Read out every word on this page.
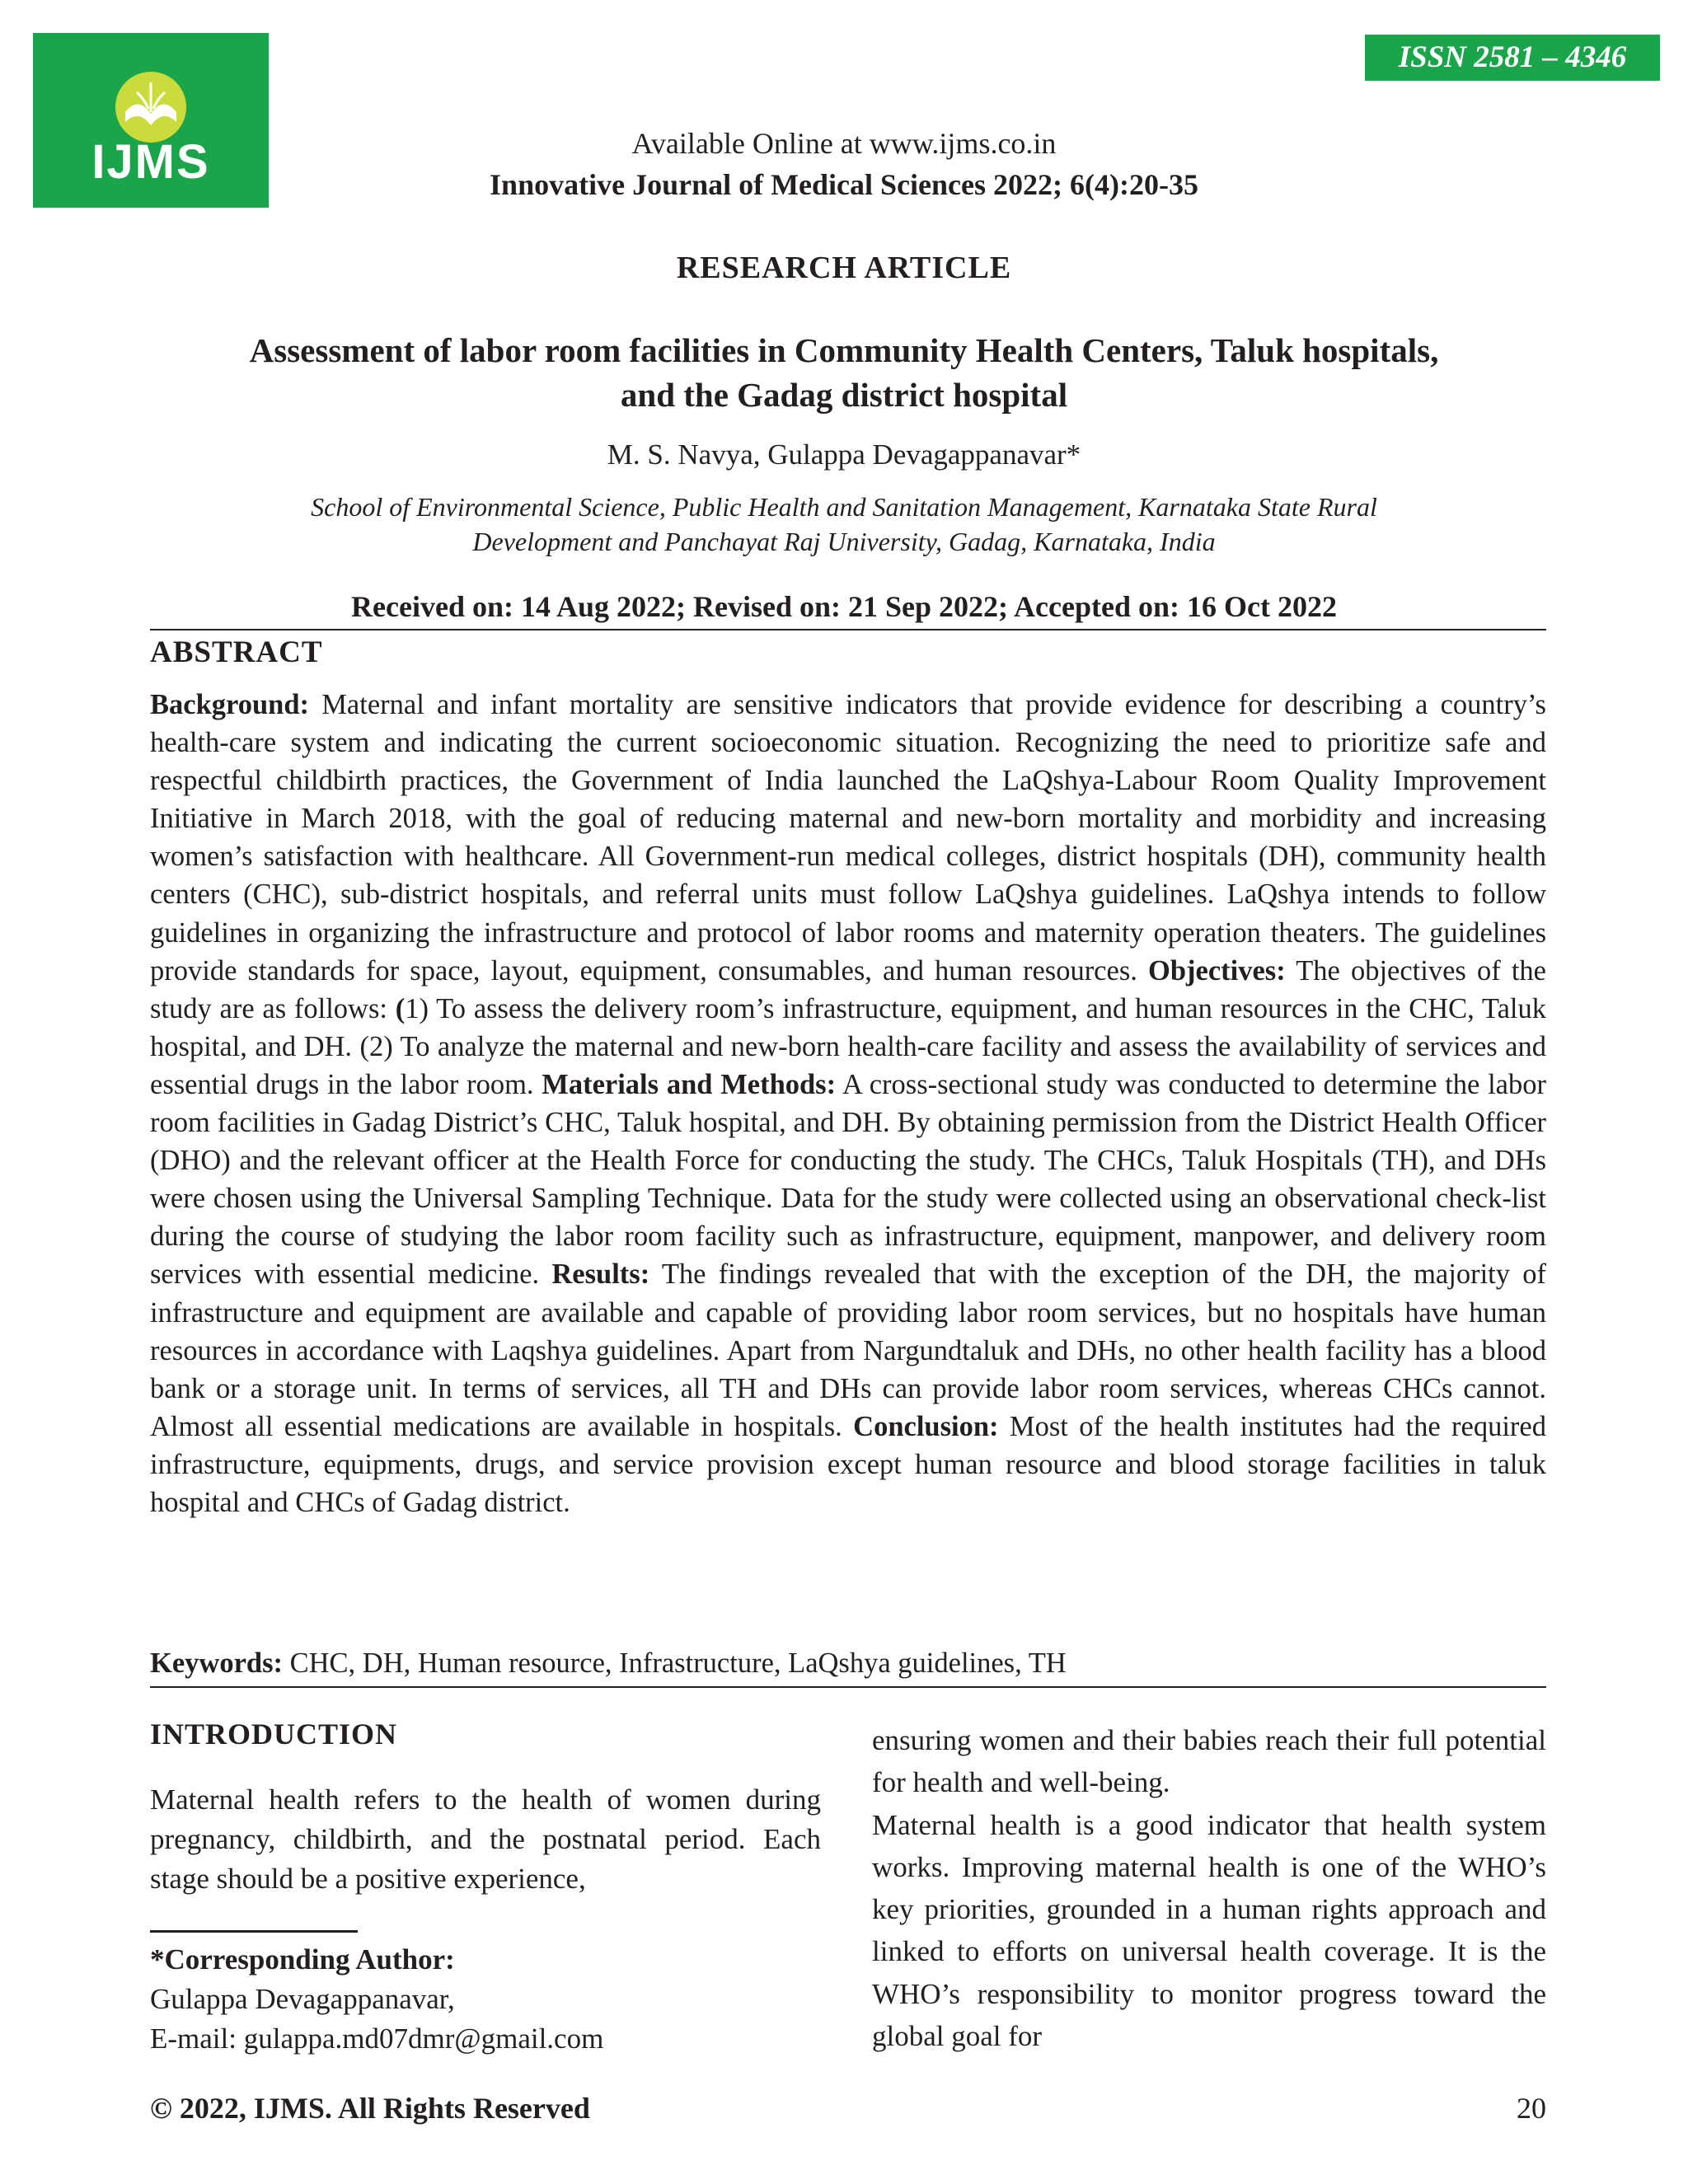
IJMS
ISSN 2581 – 4346
Available Online at www.ijms.co.in
Innovative Journal of Medical Sciences 2022; 6(4):20-35
RESEARCH ARTICLE
Assessment of labor room facilities in Community Health Centers, Taluk hospitals,
and the Gadag district hospital
M. S. Navya, Gulappa Devagappanavar*
School of Environmental Science, Public Health and Sanitation Management, Karnataka State Rural
Development and Panchayat Raj University, Gadag, Karnataka, India
Received on: 14 Aug 2022; Revised on: 21 Sep 2022; Accepted on: 16 Oct 2022
ABSTRACT
Background: Maternal and infant mortality are sensitive indicators that provide evidence for describing a country’s health-care system and indicating the current socioeconomic situation. Recognizing the need to prioritize safe and respectful childbirth practices, the Government of India launched the LaQshya-Labour Room Quality Improvement Initiative in March 2018, with the goal of reducing maternal and new-born mortality and morbidity and increasing women’s satisfaction with healthcare. All Government-run medical colleges, district hospitals (DH), community health centers (CHC), sub-district hospitals, and referral units must follow LaQshya guidelines. LaQshya intends to follow guidelines in organizing the infrastructure and protocol of labor rooms and maternity operation theaters. The guidelines provide standards for space, layout, equipment, consumables, and human resources. Objectives: The objectives of the study are as follows: (1) To assess the delivery room’s infrastructure, equipment, and human resources in the CHC, Taluk hospital, and DH. (2) To analyze the maternal and new-born health-care facility and assess the availability of services and essential drugs in the labor room. Materials and Methods: A cross-sectional study was conducted to determine the labor room facilities in Gadag District’s CHC, Taluk hospital, and DH. By obtaining permission from the District Health Officer (DHO) and the relevant officer at the Health Force for conducting the study. The CHCs, Taluk Hospitals (TH), and DHs were chosen using the Universal Sampling Technique. Data for the study were collected using an observational check-list during the course of studying the labor room facility such as infrastructure, equipment, manpower, and delivery room services with essential medicine. Results: The findings revealed that with the exception of the DH, the majority of infrastructure and equipment are available and capable of providing labor room services, but no hospitals have human resources in accordance with Laqshya guidelines. Apart from Nargundtaluk and DHs, no other health facility has a blood bank or a storage unit. In terms of services, all TH and DHs can provide labor room services, whereas CHCs cannot. Almost all essential medications are available in hospitals. Conclusion: Most of the health institutes had the required infrastructure, equipments, drugs, and service provision except human resource and blood storage facilities in taluk hospital and CHCs of Gadag district.
Keywords: CHC, DH, Human resource, Infrastructure, LaQshya guidelines, TH
INTRODUCTION
Maternal health refers to the health of women during pregnancy, childbirth, and the postnatal period. Each stage should be a positive experience,
*Corresponding Author:
Gulappa Devagappanavar,
E-mail: gulappa.md07dmr@gmail.com

ensuring women and their babies reach their full potential for health and well-being.

Maternal health is a good indicator that health system works. Improving maternal health is one of the WHO’s key priorities, grounded in a human rights approach and linked to efforts on universal health coverage. It is the WHO’s responsibility to monitor progress toward the global goal for

© 2022, IJMS. All Rights Reserved	20
